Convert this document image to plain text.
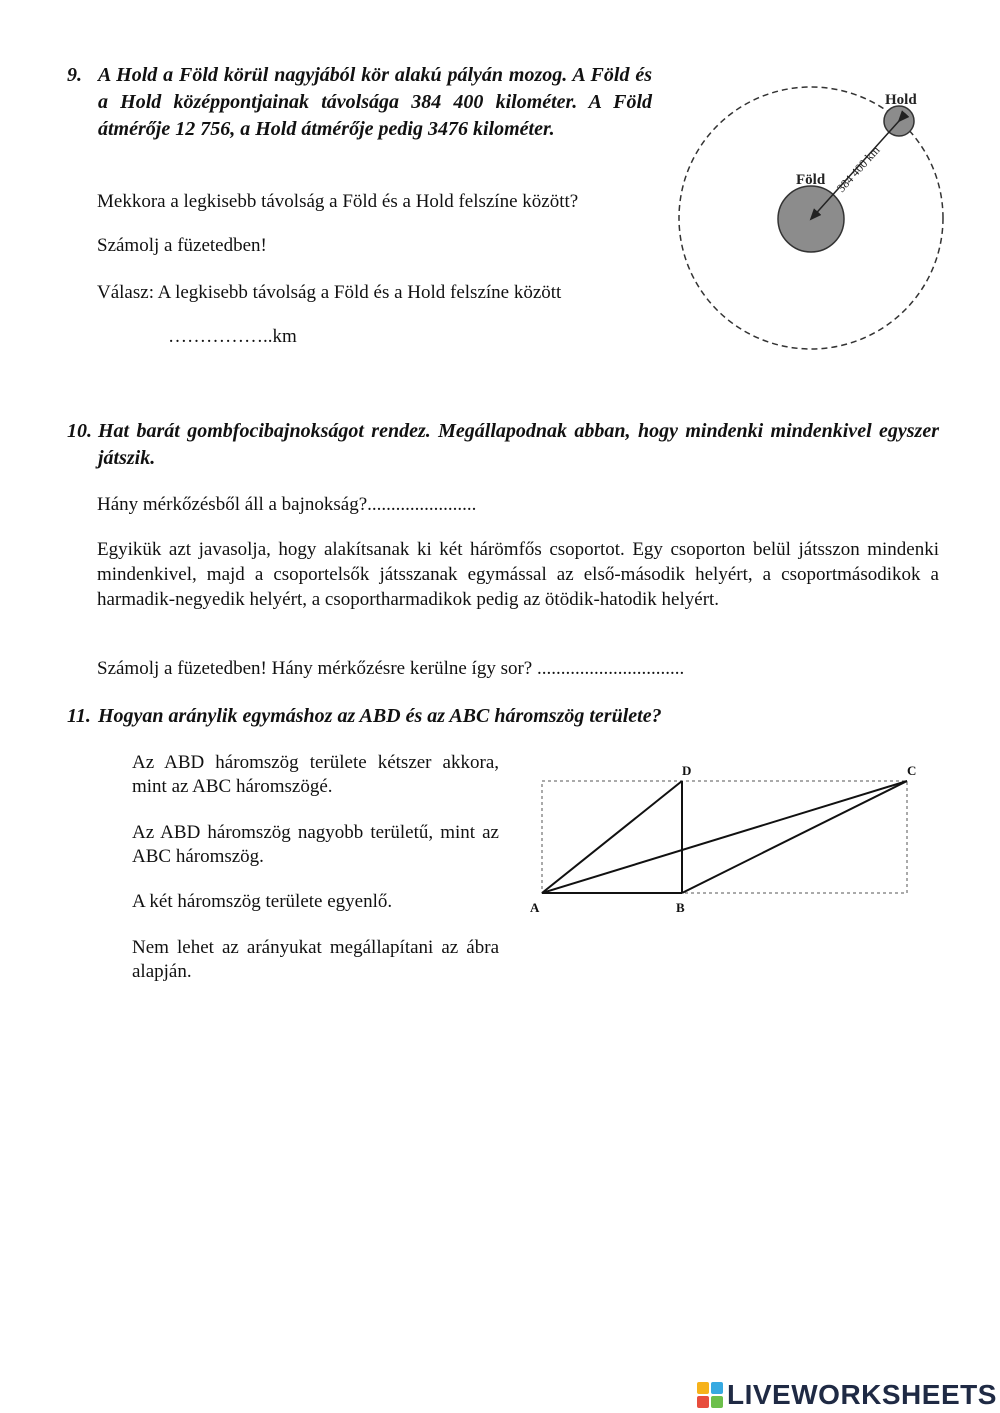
9. A Hold a Föld körül nagyjából kör alakú pályán mozog. A Föld és a Hold középpontjainak távolsága 384 400 kilométer. A Föld átmérője 12 756, a Hold átmérője pedig 3476 kilométer.
Mekkora a legkisebb távolság a Föld és a Hold felszíne között?
Számolj a füzetedben!
Válasz: A legkisebb távolság a Föld és a Hold felszíne között
……………..km
Hold
Föld 384 400 km
10. Hat barát gombfocibajnokságot rendez. Megállapodnak abban, hogy mindenki mindenkivel egyszer játszik.
Hány mérkőzésből áll a bajnokság?.......................
Egyikük azt javasolja, hogy alakítsanak ki két hárömfős csoportot. Egy csoporton belül játsszon mindenki mindenkivel, majd a csoportelsők játsszanak egymással az első-második helyért, a csoportmásodikok a harmadik-negyedik helyért, a csoportharmadikok pedig az ötödik-hatodik helyért.
Számolj a füzetedben! Hány mérkőzésre kerülne így sor? ...............................
11. Hogyan aránylik egymáshoz az ABD és az ABC háromszög területe?
Az ABD háromszög területe kétszer akkora, mint az ABC háromszögé.
Az ABD háromszög nagyobb területű, mint az ABC háromszög.
A két háromszög területe egyenlő.
Nem lehet az arányukat megállapítani az ábra alapján.
A	B
C
D
LIVEWORKSHEETS
